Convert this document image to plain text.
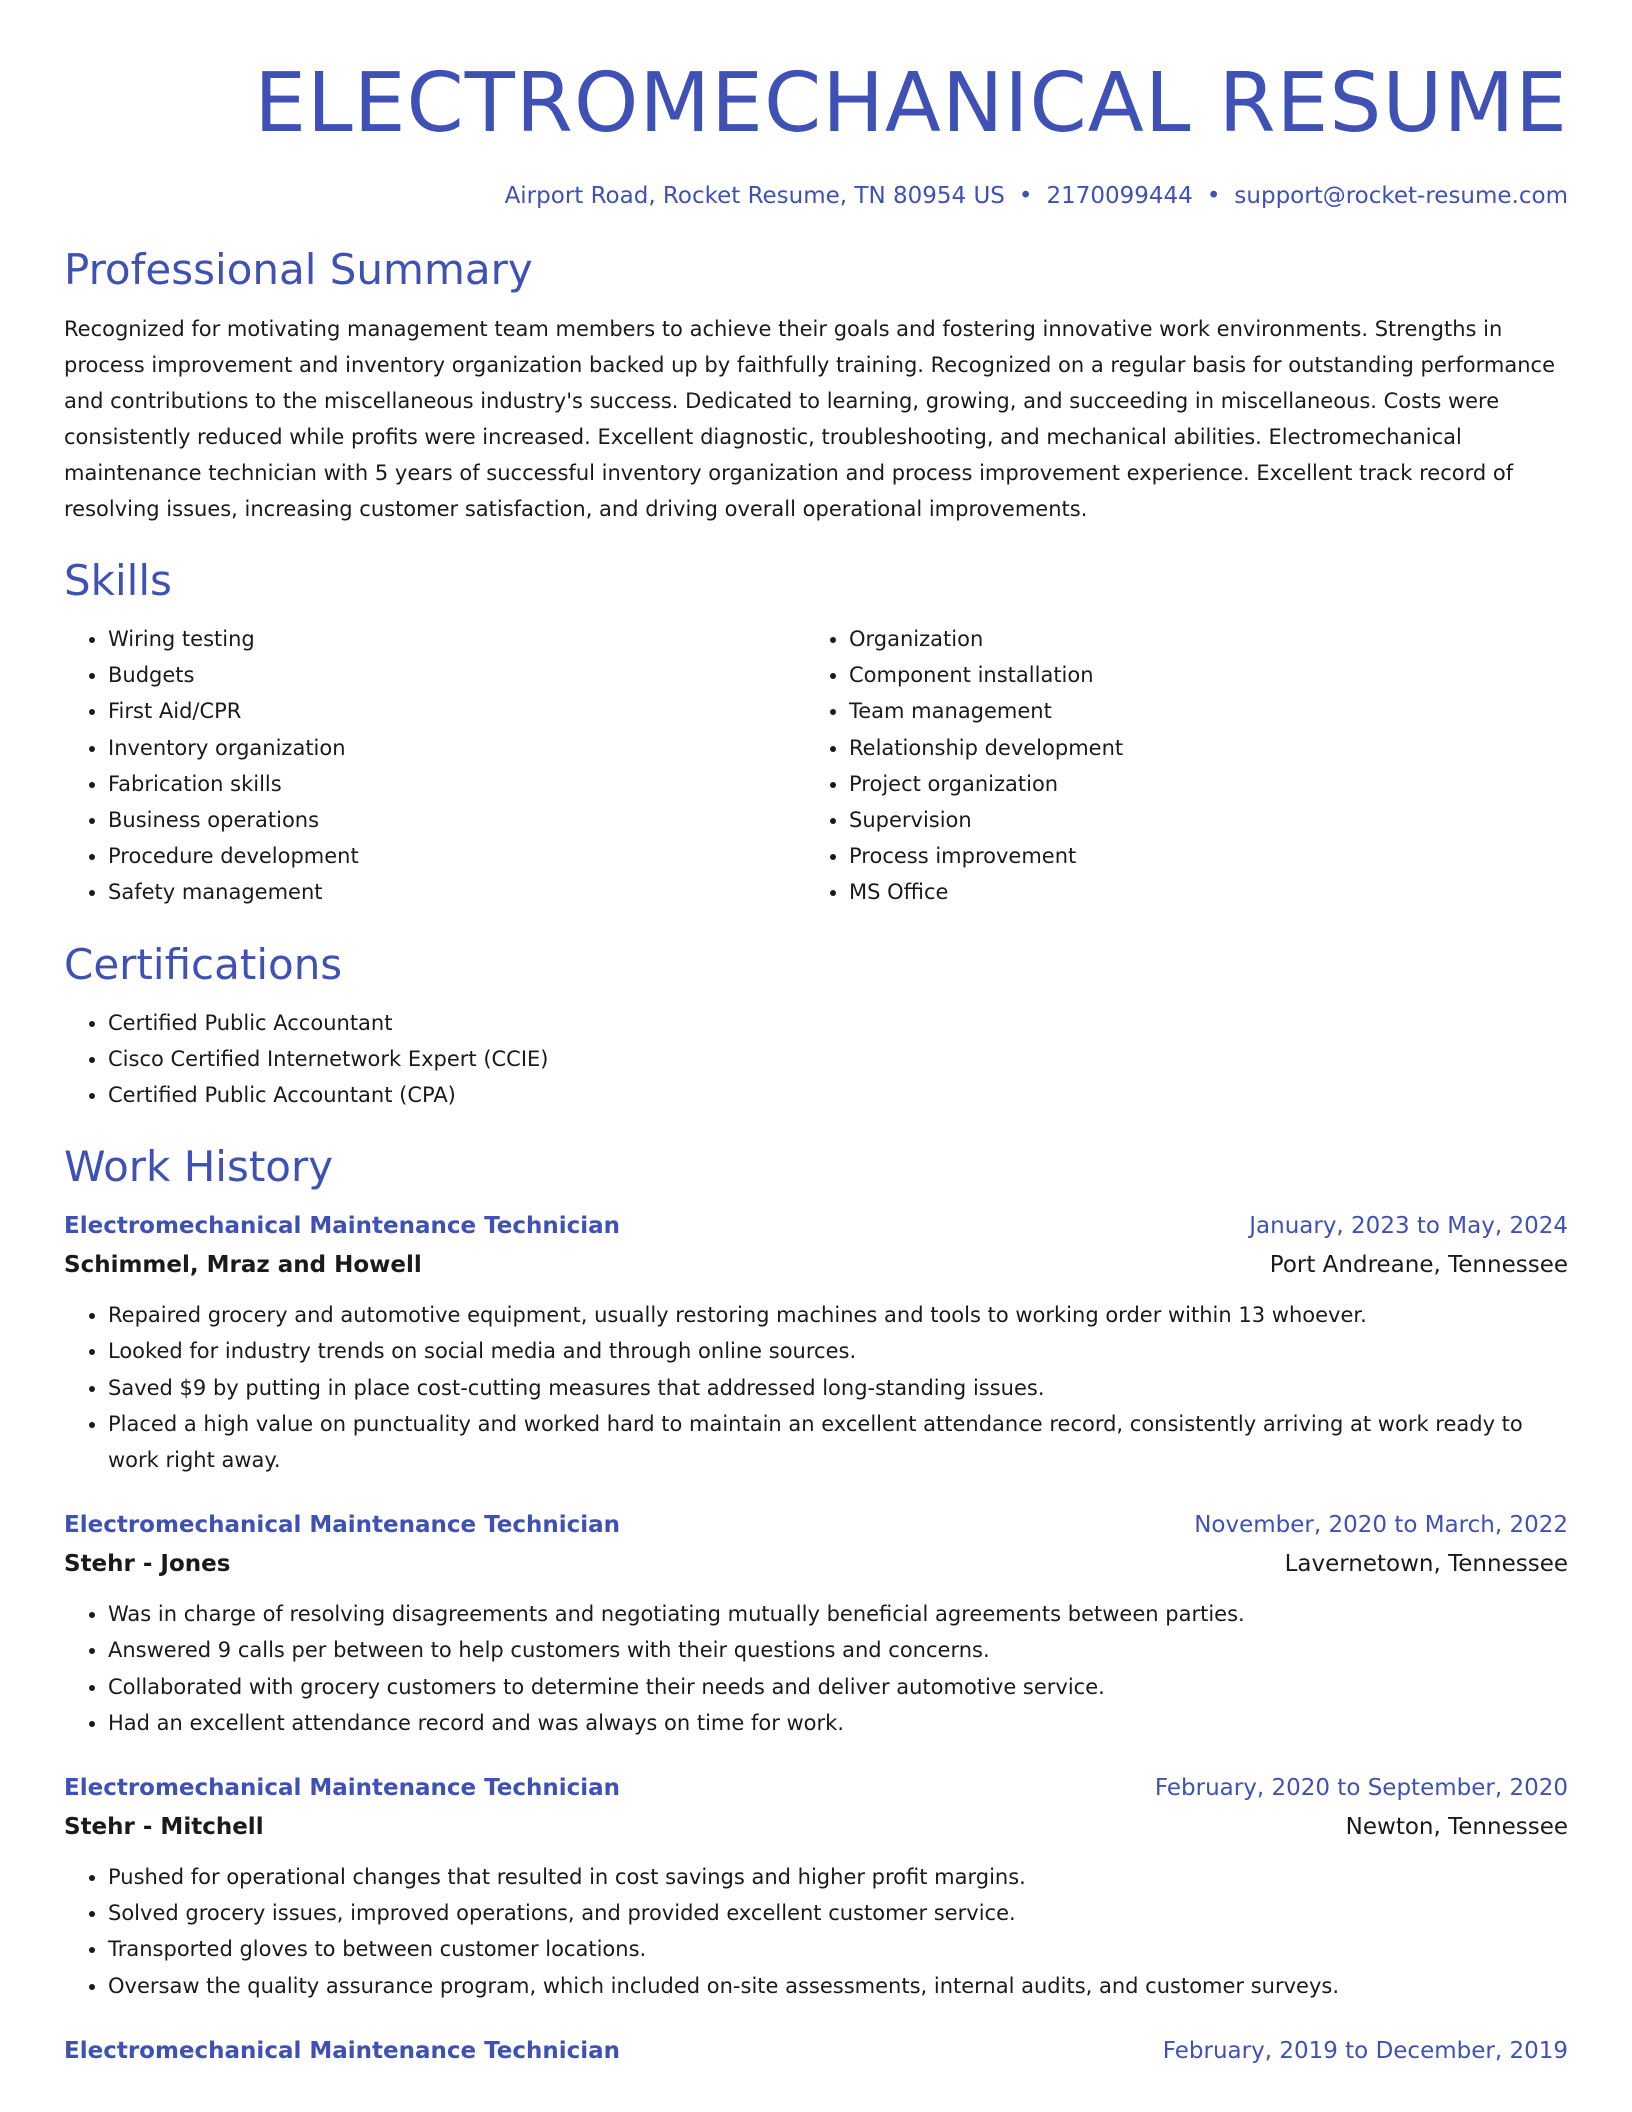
ELECTROMECHANICAL RESUME
Airport Road, Rocket Resume, TN 80954 US • 2170099444 • support@rocket-resume.com
Professional Summary

Recognized for motivating management team members to achieve their goals and fostering innovative work environments. Strengths in process improvement and inventory organization backed up by faithfully training. Recognized on a regular basis for outstanding performance and contributions to the miscellaneous industry's success. Dedicated to learning, growing, and succeeding in miscellaneous. Costs were consistently reduced while profits were increased. Excellent diagnostic, troubleshooting, and mechanical abilities. Electromechanical maintenance technician with 5 years of successful inventory organization and process improvement experience. Excellent track record of resolving issues, increasing customer satisfaction, and driving overall operational improvements.

Skills
• Wiring testing
• Budgets
• First Aid/CPR
• Inventory organization
• Fabrication skills
• Business operations
• Procedure development
• Safety management
• Organization
• Component installation
• Team management
• Relationship development
• Project organization
• Supervision
• Process improvement
• MS Office
Certifications
• Certified Public Accountant
• Cisco Certified Internetwork Expert (CCIE)
• Certified Public Accountant (CPA)
Work History
Electromechanical Maintenance Technician	January, 2023 to May, 2024
Schimmel, Mraz and Howell	Port Andreane, Tennessee
• Repaired grocery and automotive equipment, usually restoring machines and tools to working order within 13 whoever.
• Looked for industry trends on social media and through online sources.
• Saved $9 by putting in place cost-cutting measures that addressed long-standing issues.
• Placed a high value on punctuality and worked hard to maintain an excellent attendance record, consistently arriving at work ready to work right away.
Electromechanical Maintenance Technician	November, 2020 to March, 2022
Stehr - Jones	Lavernetown, Tennessee
• Was in charge of resolving disagreements and negotiating mutually beneficial agreements between parties.
• Answered 9 calls per between to help customers with their questions and concerns.
• Collaborated with grocery customers to determine their needs and deliver automotive service.
• Had an excellent attendance record and was always on time for work.
Electromechanical Maintenance Technician	February, 2020 to September, 2020
Stehr - Mitchell	Newton, Tennessee
• Pushed for operational changes that resulted in cost savings and higher profit margins.
• Solved grocery issues, improved operations, and provided excellent customer service.
• Transported gloves to between customer locations.
• Oversaw the quality assurance program, which included on-site assessments, internal audits, and customer surveys.
Electromechanical Maintenance Technician	February, 2019 to December, 2019
